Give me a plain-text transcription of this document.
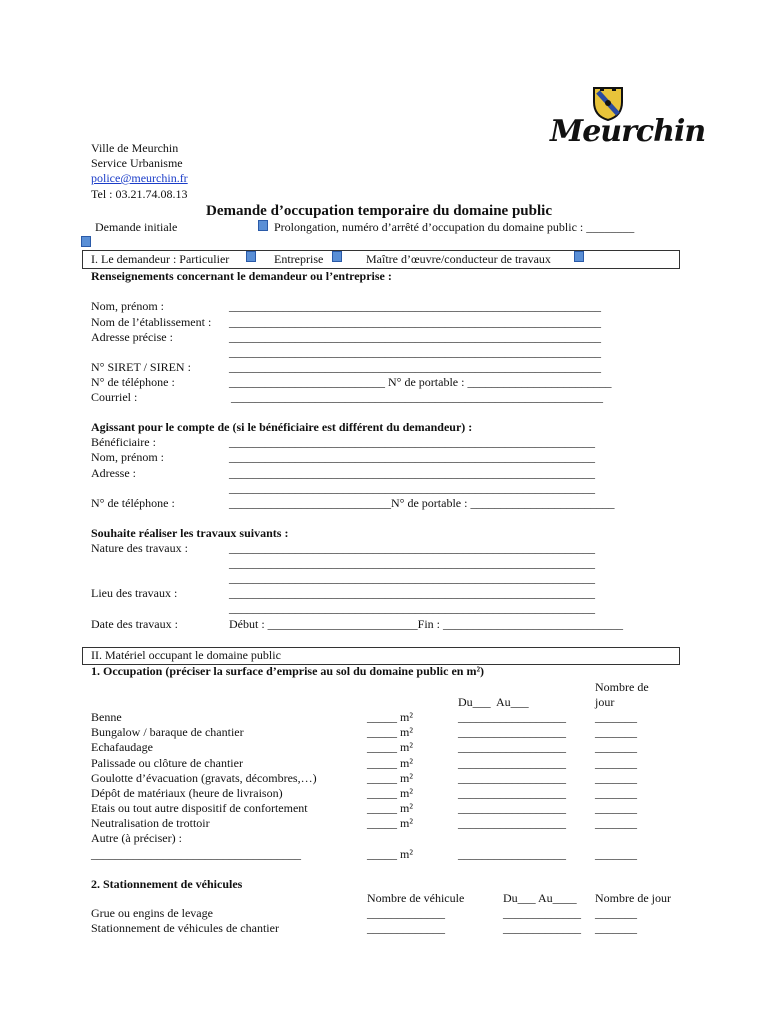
Meurchin
Ville de Meurchin
Service Urbanisme
police@meurchin.fr
Tel : 03.21.74.08.13
Demande d’occupation temporaire du domaine public
Demande initiale	Prolongation, numéro d’arrêté d’occupation du domaine public : ________
I. Le demandeur : Particulier	Entreprise	Maître d’œuvre/conducteur de travaux
Renseignements concernant le demandeur ou l’entreprise :
Nom, prénom :	______________________________________________________________
Nom de l’établissement : ______________________________________________________________
Adresse précise :	______________________________________________________________
______________________________________________________________
N° SIRET / SIREN :	______________________________________________________________
N° de téléphone :	__________________________ N° de portable : ________________________
Courriel :	______________________________________________________________
Agissant pour le compte de (si le bénéficiaire est différent du demandeur) :
Bénéficiaire :	_____________________________________________________________
Nom, prénom :	_____________________________________________________________
Adresse :	_____________________________________________________________
_____________________________________________________________
N° de téléphone :	___________________________N° de portable : ________________________
Souhaite réaliser les travaux suivants :
Nature des travaux :	_____________________________________________________________
_____________________________________________________________
_____________________________________________________________
Lieu des travaux :	_____________________________________________________________
_____________________________________________________________
Date des travaux :	Début : _________________________Fin : ______________________________
II. Matériel occupant le domaine public
1. Occupation (préciser la surface d’emprise au sol du domaine public en m²)
Nombre de
Du___  Au___	jour
Benne	_____ m²	__________________ _______
Bungalow / baraque de chantier	_____ m²	__________________ _______
Echafaudage	_____ m²	__________________ _______
Palissade ou clôture de chantier	_____ m²	__________________ _______
Goulotte d’évacuation (gravats, décombres,…)	_____ m²	__________________ _______
Dépôt de matériaux (heure de livraison)	_____ m²	__________________ _______
Etais ou tout autre dispositif de confortement	_____ m²	__________________ _______
Neutralisation de trottoir	_____ m²	__________________ _______
Autre (à préciser) :
___________________________________	_____ m²	__________________ _______
2. Stationnement de véhicules
Nombre de véhicule	Du___ Au____ Nombre de jour
Grue ou engins de levage	_____________	_____________ _______
Stationnement de véhicules de chantier	_____________	_____________ _______
